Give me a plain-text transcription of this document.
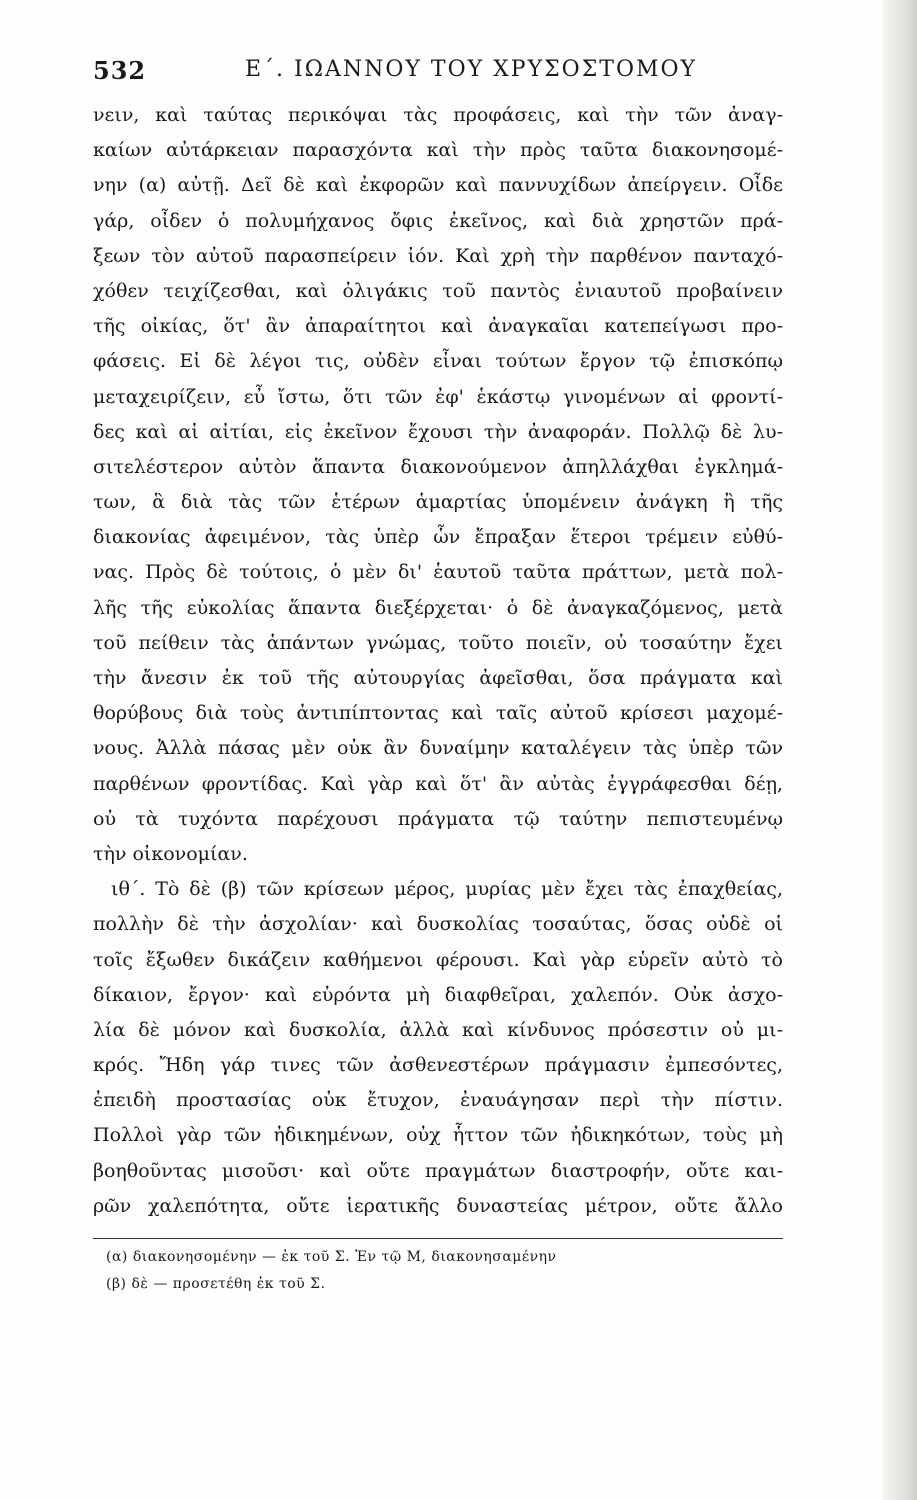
532	Ε΄. ΙΩΑΝΝΟΥ ΤΟΥ ΧΡΥΣΟΣΤΟΜΟΥ
νειν, καὶ ταύτας περικόψαι τὰς προφάσεις, καὶ τὴν τῶν ἀναγ-
καίων αὐτάρκειαν παρασχόντα καὶ τὴν πρὸς ταῦτα διακονησομέ-
νην (α) αὐτῇ. Δεῖ δὲ καὶ ἐκφορῶν καὶ παννυχίδων ἀπείργειν. Οἶδε
γάρ, οἶδεν ὁ πολυμήχανος ὄφις ἐκεῖνος, καὶ διὰ χρηστῶν πρά-
ξεων τὸν αὐτοῦ παρασπείρειν ἰόν. Καὶ χρὴ τὴν παρθένον πανταχό-
χόθεν τειχίζεσθαι, καὶ ὀλιγάκις τοῦ παντὸς ἐνιαυτοῦ προβαίνειν
τῆς οἰκίας, ὅτ' ἂν ἀπαραίτητοι καὶ ἀναγκαῖαι κατεπείγωσι προ-
φάσεις. Εἰ δὲ λέγοι τις, οὐδὲν εἶναι τούτων ἔργον τῷ ἐπισκόπῳ
μεταχειρίζειν, εὖ ἴστω, ὅτι τῶν ἐφ' ἑκάστῳ γινομένων αἱ φροντί-
δες καὶ αἱ αἰτίαι, εἰς ἐκεῖνον ἔχουσι τὴν ἀναφοράν. Πολλῷ δὲ λυ-
σιτελέστερον αὐτὸν ἅπαντα διακονούμενον ἀπηλλάχθαι ἐγκλημά-
των, ἃ διὰ τὰς τῶν ἑτέρων ἁμαρτίας ὑπομένειν ἀνάγκη ἢ τῆς
διακονίας ἀφειμένον, τὰς ὑπὲρ ὧν ἔπραξαν ἕτεροι τρέμειν εὐθύ-
νας. Πρὸς δὲ τούτοις, ὁ μὲν δι' ἑαυτοῦ ταῦτα πράττων, μετὰ πολ-
λῆς τῆς εὐκολίας ἅπαντα διεξέρχεται· ὁ δὲ ἀναγκαζόμενος, μετὰ
τοῦ πείθειν τὰς ἁπάντων γνώμας, τοῦτο ποιεῖν, οὐ τοσαύτην ἔχει
τὴν ἄνεσιν ἐκ τοῦ τῆς αὐτουργίας ἀφεῖσθαι, ὅσα πράγματα καὶ
θορύβους διὰ τοὺς ἀντιπίπτοντας καὶ ταῖς αὐτοῦ κρίσεσι μαχομέ-
νους. Ἀλλὰ πάσας μὲν οὐκ ἂν δυναίμην καταλέγειν τὰς ὑπὲρ τῶν
παρθένων φροντίδας. Καὶ γὰρ καὶ ὅτ' ἂν αὐτὰς ἐγγράφεσθαι δέῃ,
οὐ τὰ τυχόντα παρέχουσι πράγματα τῷ ταύτην πεπιστευμένῳ
τὴν οἰκονομίαν.
ιθ΄. Τὸ δὲ (β) τῶν κρίσεων μέρος, μυρίας μὲν ἔχει τὰς ἐπαχθείας,
πολλὴν δὲ τὴν ἀσχολίαν· καὶ δυσκολίας τοσαύτας, ὅσας οὐδὲ οἱ
τοῖς ἔξωθεν δικάζειν καθήμενοι φέρουσι. Καὶ γὰρ εὑρεῖν αὐτὸ τὸ
δίκαιον, ἔργον· καὶ εὑρόντα μὴ διαφθεῖραι, χαλεπόν. Οὐκ ἀσχο-
λία δὲ μόνον καὶ δυσκολία, ἀλλὰ καὶ κίνδυνος πρόσεστιν οὐ μι-
κρός. Ἤδη γάρ τινες τῶν ἀσθενεστέρων πράγμασιν ἐμπεσόντες,
ἐπειδὴ προστασίας οὐκ ἔτυχον, ἐναυάγησαν περὶ τὴν πίστιν.
Πολλοὶ γὰρ τῶν ἠδικημένων, οὐχ ἧττον τῶν ἠδικηκότων, τοὺς μὴ
βοηθοῦντας μισοῦσι· καὶ οὔτε πραγμάτων διαστροφήν, οὔτε και-
ρῶν χαλεπότητα, οὔτε ἱερατικῆς δυναστείας μέτρον, οὔτε ἄλλο
(α) διακονησομένην — ἐκ τοῦ Σ. Ἐν τῷ Μ, διακονησαμένην
(β) δὲ — προσετέθη ἐκ τοῦ Σ.
